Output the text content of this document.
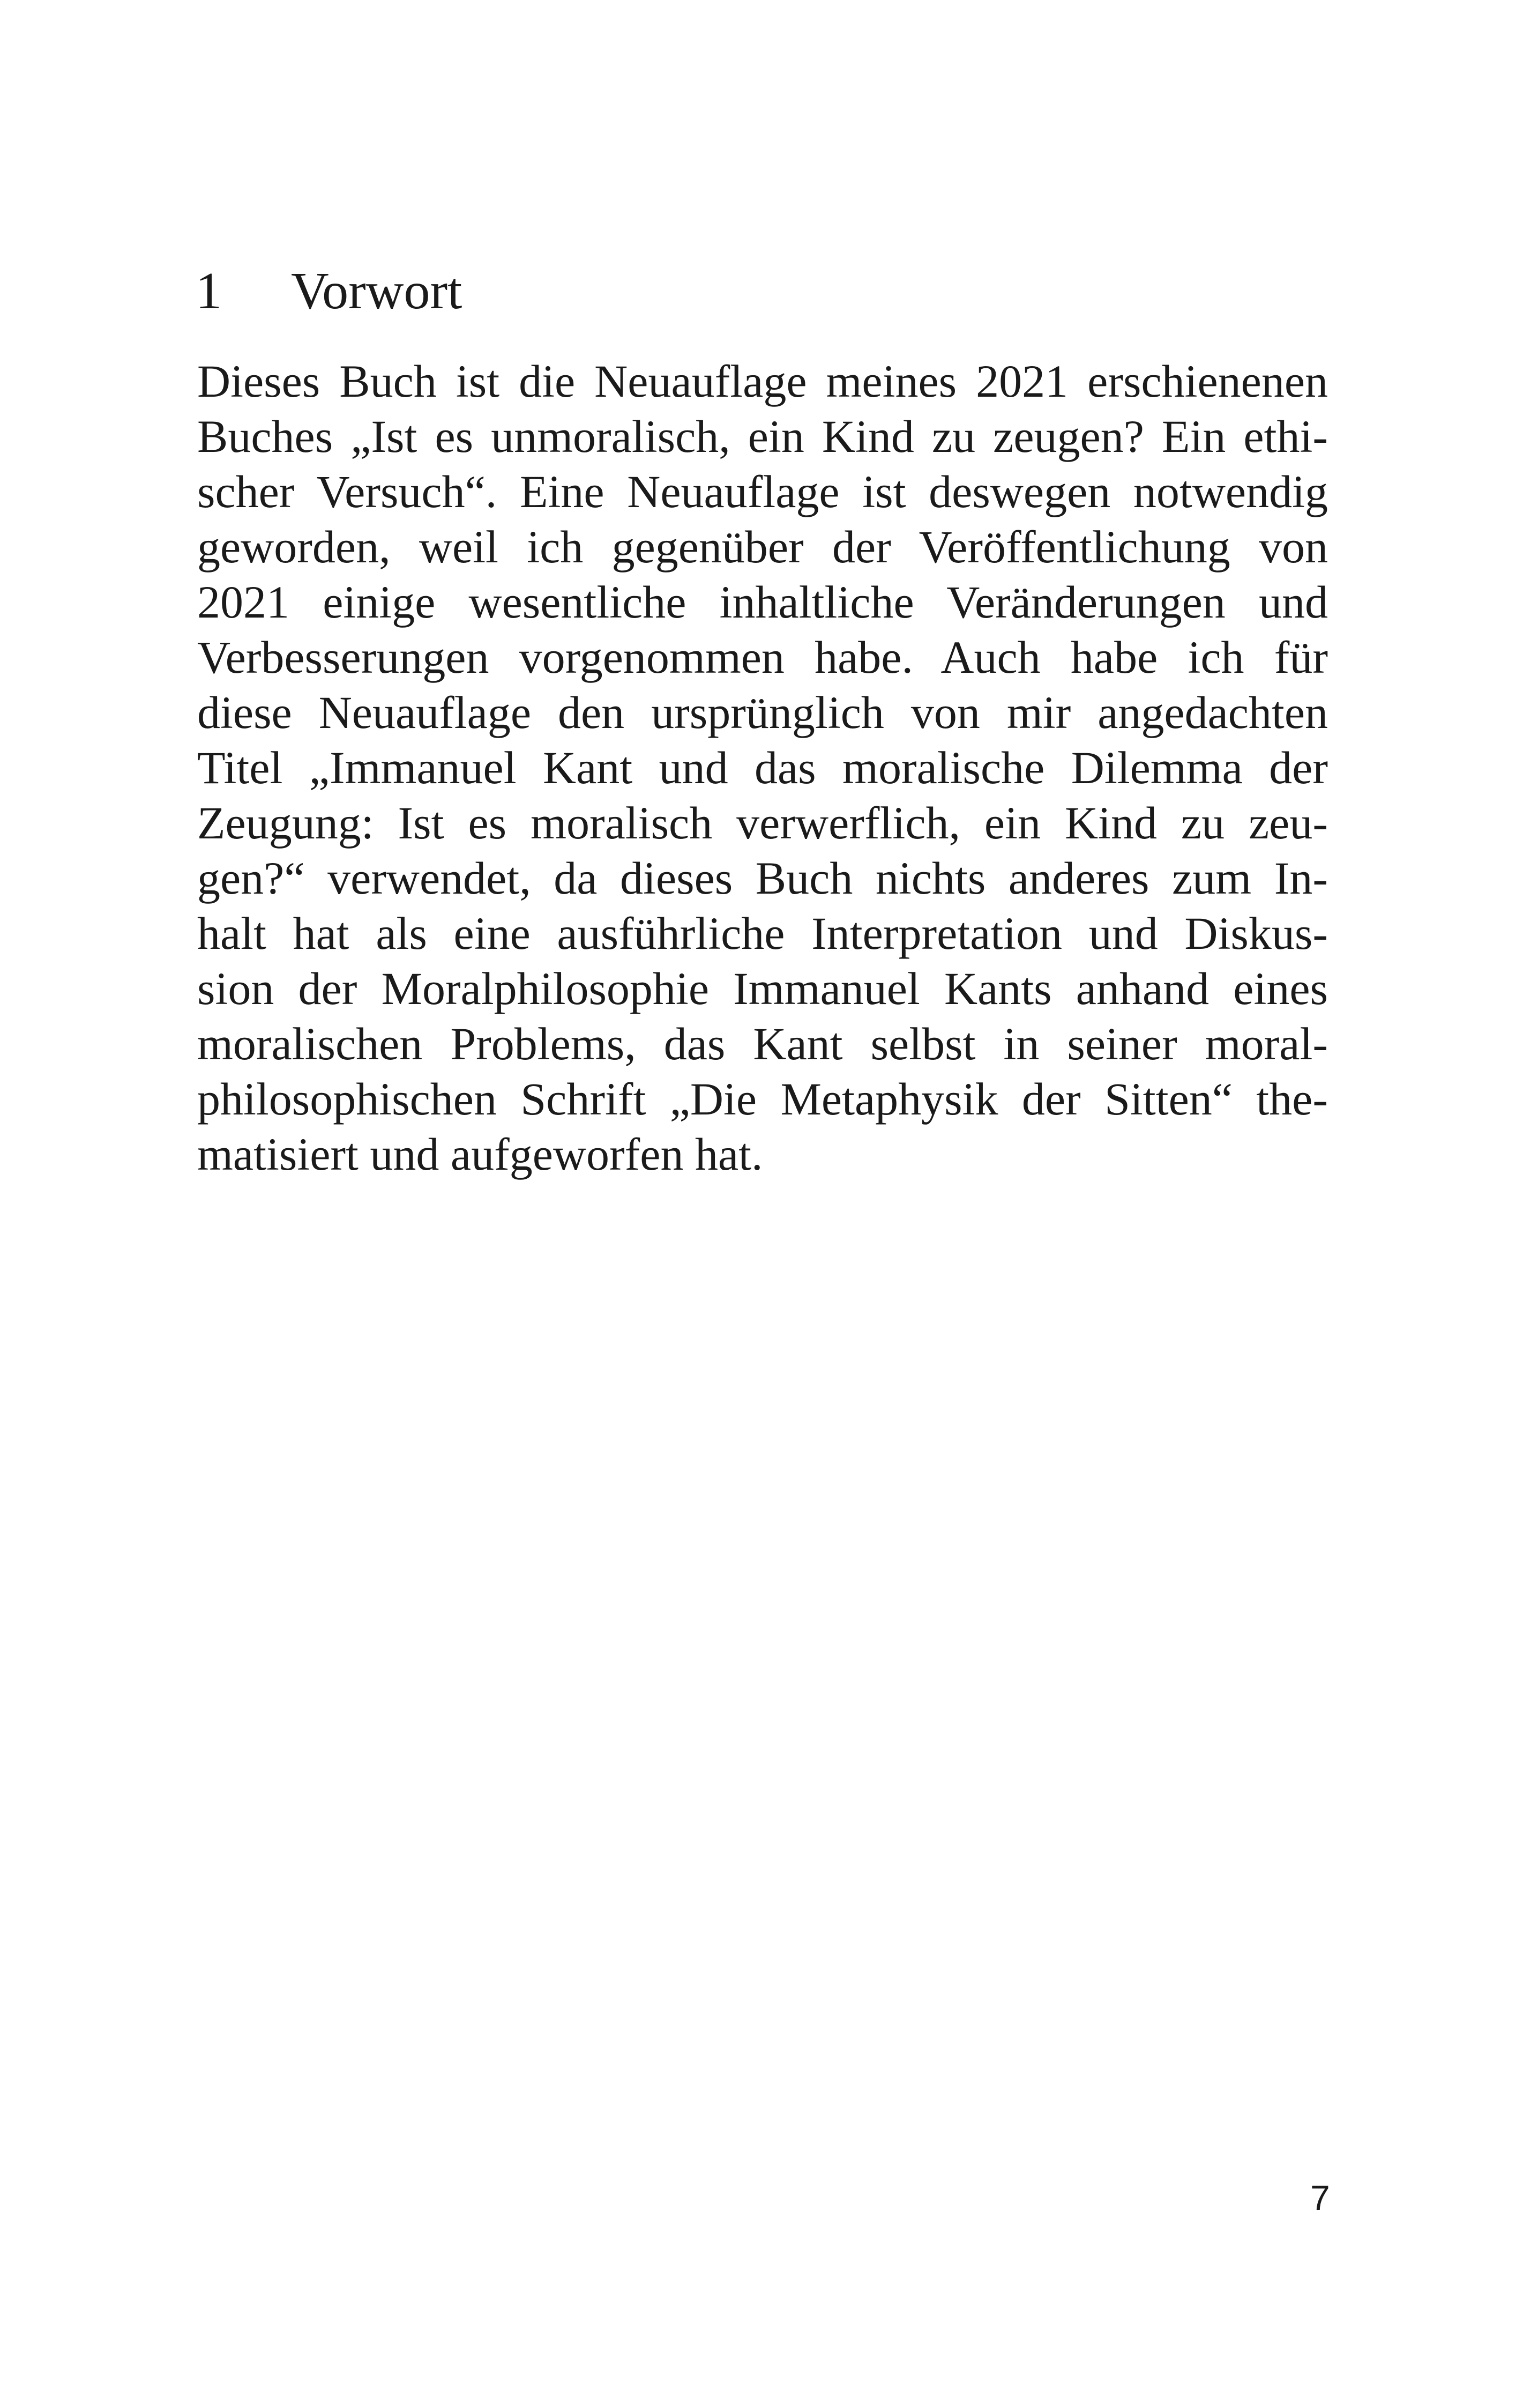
1 Vorwort
Dieses Buch ist die Neuauflage meines 2021 erschienenen
Buches „Ist es unmoralisch, ein Kind zu zeugen? Ein ethi-
scher Versuch“. Eine Neuauflage ist deswegen notwendig
geworden, weil ich gegenüber der Veröffentlichung von
2021 einige wesentliche inhaltliche Veränderungen und
Verbesserungen vorgenommen habe. Auch habe ich für
diese Neuauflage den ursprünglich von mir angedachten
Titel „Immanuel Kant und das moralische Dilemma der
Zeugung: Ist es moralisch verwerflich, ein Kind zu zeu-
gen?“ verwendet, da dieses Buch nichts anderes zum In-
halt hat als eine ausführliche Interpretation und Diskus-
sion der Moralphilosophie Immanuel Kants anhand eines
moralischen Problems, das Kant selbst in seiner moral-
philosophischen Schrift „Die Metaphysik der Sitten“ the-
matisiert und aufgeworfen hat.
7
